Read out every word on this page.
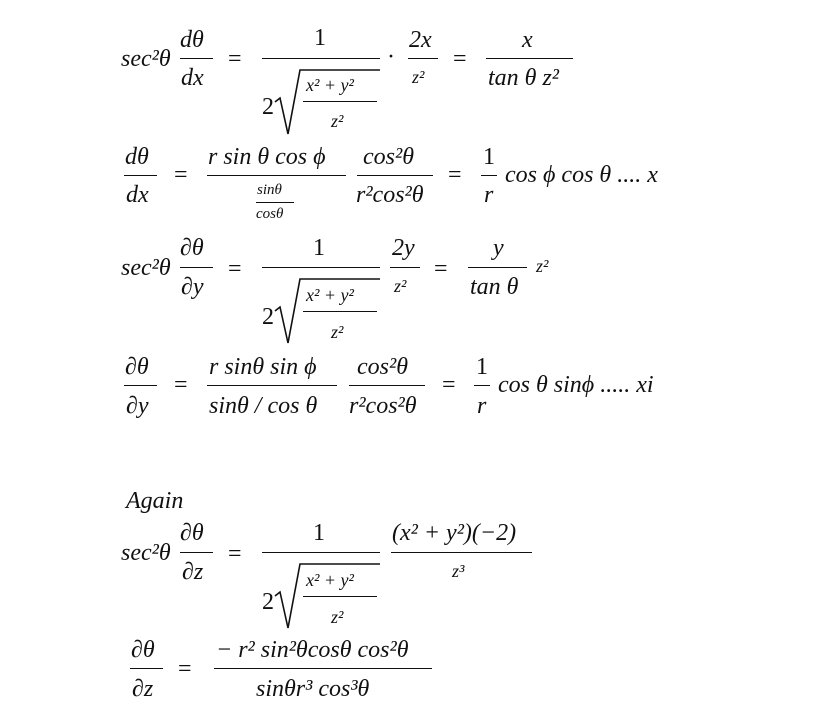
sec²θ
dθ
dx
=
1
2
x² + y²
z²
·
2x
z²
=
x
tan θ z²
dθ
dx
=
r sin θ cos ϕ
sinθ
cosθ
cos²θ
r²cos²θ
=
1
r
cos ϕ cos θ .... x
sec²θ
∂θ
∂y
=
1
2
x² + y²
z²
2y
z²
=
y
tan θ
z²
∂θ
∂y
=
r sinθ sin ϕ
sinθ / cos θ
cos²θ
r²cos²θ
=
1
r
cos θ sinϕ ..... xi
Again
sec²θ
∂θ
∂z
=
1
2
x² + y²
z²
(x² + y²)(−2)
z³
∂θ
∂z
=
− r² sin²θcosθ cos²θ
sinθr³ cos³θ
